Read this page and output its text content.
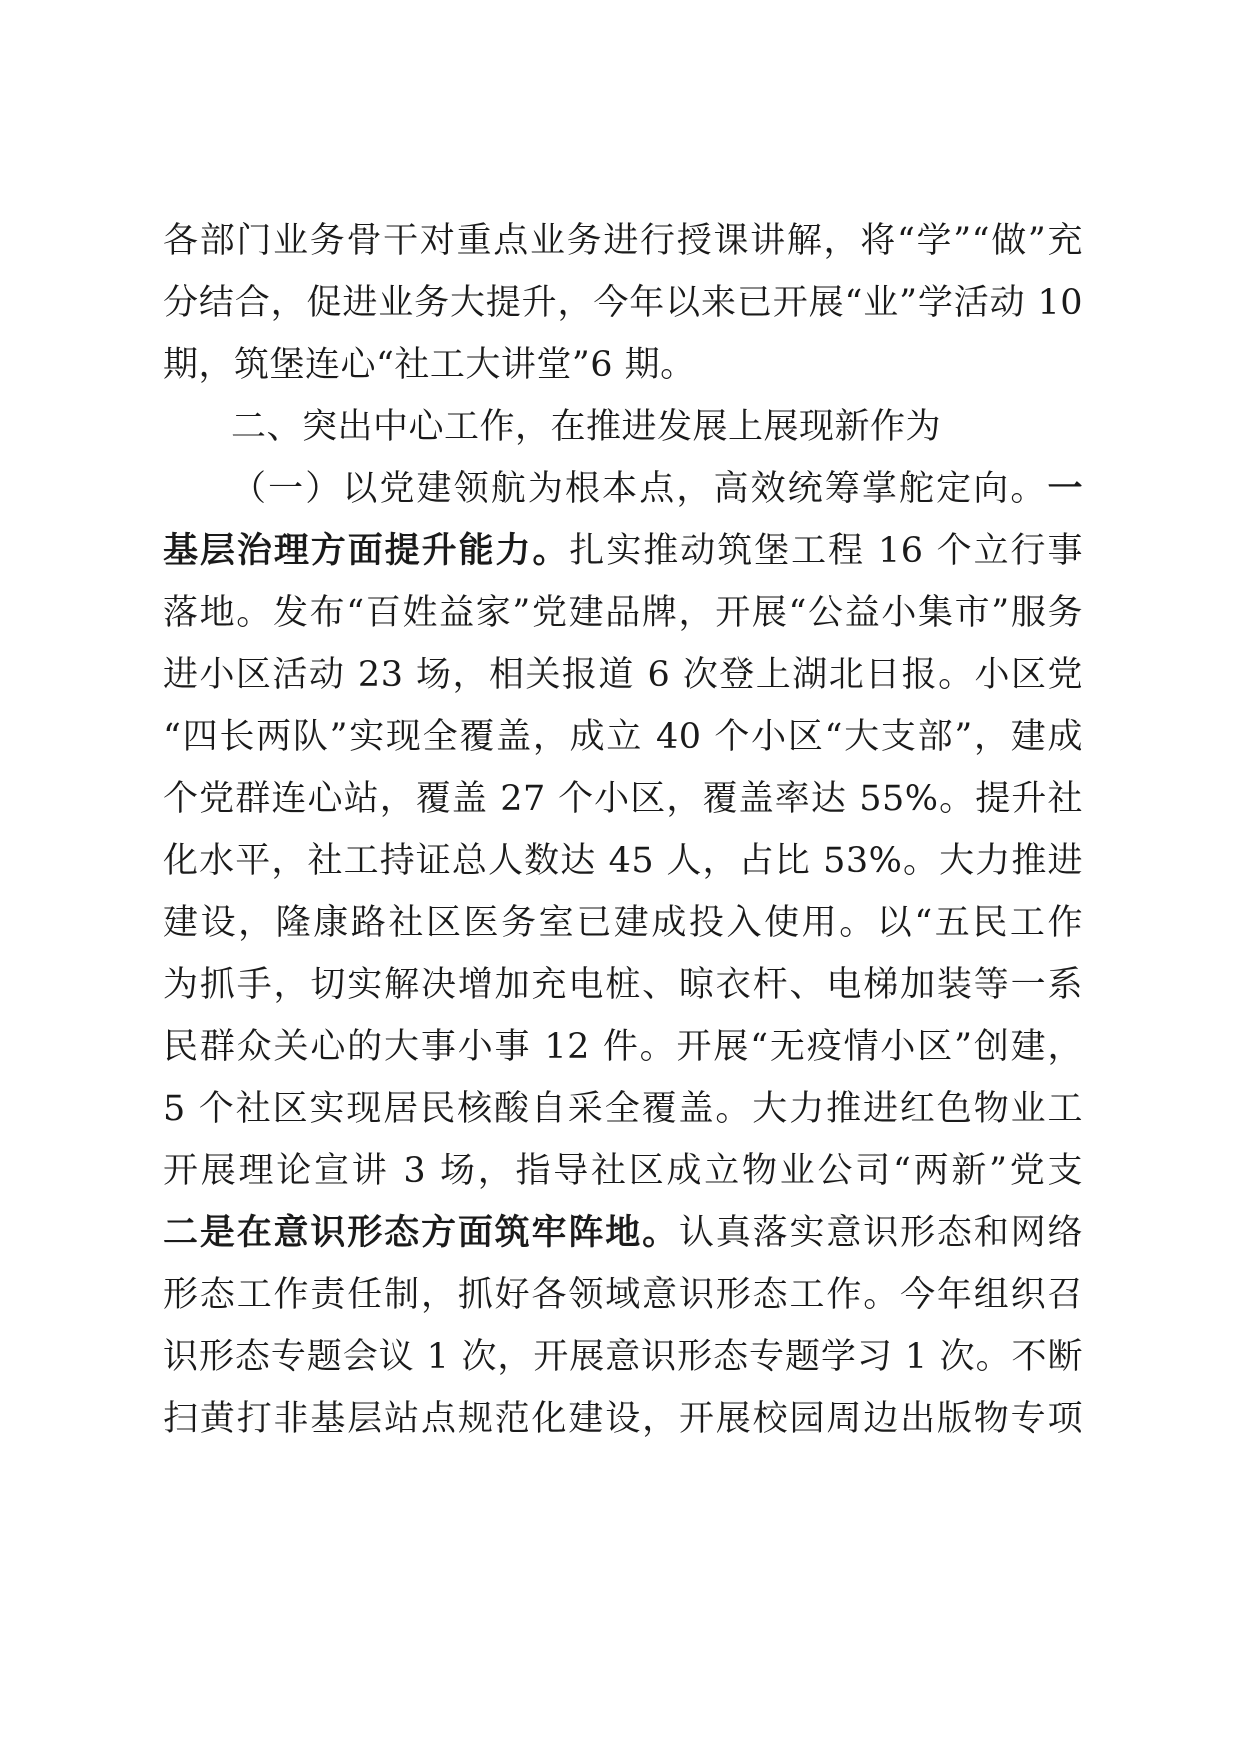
各部门业务骨干对重点业务进行授课讲解，将“学”“做”充
分结合，促进业务大提升，今年以来已开展“业”学活动 10
期，筑堡连心“社工大讲堂”6 期。
二、突出中心工作，在推进发展上展现新作为
（一）以党建领航为根本点，高效统筹掌舵定向。一
基层治理方面提升能力。扎实推动筑堡工程 16 个立行事
落地。发布“百姓益家”党建品牌，开展“公益小集市”服务
进小区活动 23 场，相关报道 6 次登上湖北日报。小区党
“四长两队”实现全覆盖，成立 40 个小区“大支部”，建成
个党群连心站，覆盖 27 个小区，覆盖率达 55%。提升社
化水平，社工持证总人数达 45 人，占比 53%。大力推进
建设，隆康路社区医务室已建成投入使用。以“五民工作
为抓手，切实解决增加充电桩、晾衣杆、电梯加装等一系
民群众关心的大事小事 12 件。开展“无疫情小区”创建，
5 个社区实现居民核酸自采全覆盖。大力推进红色物业工
开展理论宣讲 3 场，指导社区成立物业公司“两新”党支
二是在意识形态方面筑牢阵地。认真落实意识形态和网络
形态工作责任制，抓好各领域意识形态工作。今年组织召
识形态专题会议 1 次，开展意识形态专题学习 1 次。不断
扫黄打非基层站点规范化建设，开展校园周边出版物专项
